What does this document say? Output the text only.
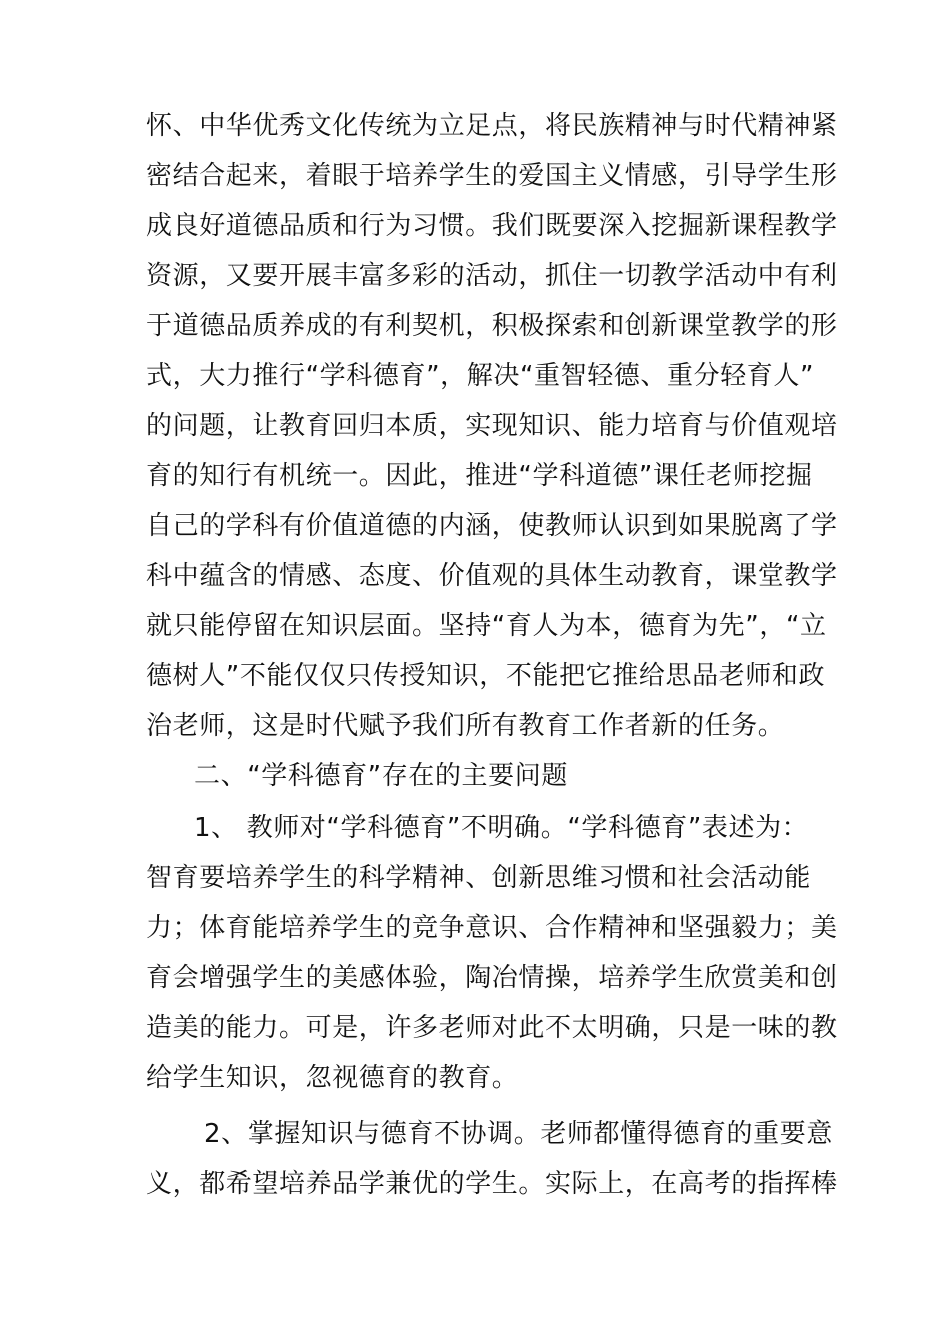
怀、中华优秀文化传统为立足点，将民族精神与时代精神紧
密结合起来，着眼于培养学生的爱国主义情感，引导学生形
成良好道德品质和行为习惯。我们既要深入挖掘新课程教学
资源，又要开展丰富多彩的活动，抓住一切教学活动中有利
于道德品质养成的有利契机，积极探索和创新课堂教学的形
式，大力推行“学科德育”，解决“重智轻德、重分轻育人”
的问题，让教育回归本质，实现知识、能力培育与价值观培
育的知行有机统一。因此，推进“学科道德”课任老师挖掘
自己的学科有价值道德的内涵，使教师认识到如果脱离了学
科中蕴含的情感、态度、价值观的具体生动教育，课堂教学
就只能停留在知识层面。坚持“育人为本，德育为先”，“立
德树人”不能仅仅只传授知识，不能把它推给思品老师和政
治老师，这是时代赋予我们所有教育工作者新的任务。
二、“学科德育”存在的主要问题
1、 教师对“学科德育”不明确。“学科德育”表述为：
智育要培养学生的科学精神、创新思维习惯和社会活动能
力；体育能培养学生的竞争意识、合作精神和坚强毅力；美
育会增强学生的美感体验，陶冶情操，培养学生欣赏美和创
造美的能力。可是，许多老师对此不太明确，只是一味的教
给学生知识，忽视德育的教育。
2、掌握知识与德育不协调。老师都懂得德育的重要意
义，都希望培养品学兼优的学生。实际上，在高考的指挥棒
